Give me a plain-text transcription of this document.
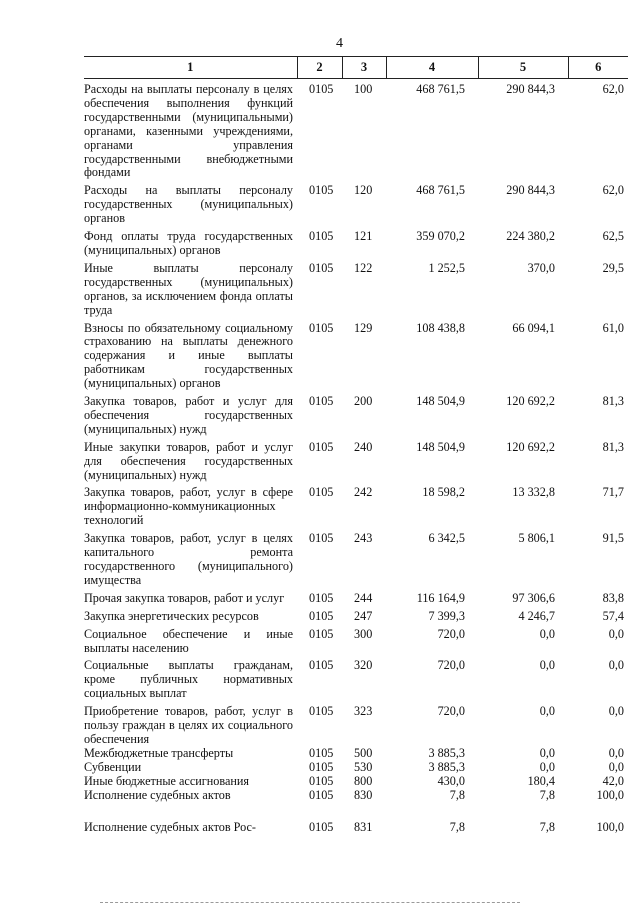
4
1	2	3	4	5	6
Расходы на выплаты персоналу в целях обеспечения выполнения функций государственными (муниципальными) органами, казенными учреждениями, органами управления государственными внебюджетными фондами	0105	100	468 761,5	290 844,3	62,0
Расходы на выплаты персоналу государственных (муниципальных) органов	0105	120	468 761,5	290 844,3	62,0
Фонд оплаты труда государственных (муниципальных) органов	0105	121	359 070,2	224 380,2	62,5
Иные выплаты персоналу государственных (муниципальных) органов, за исключением фонда оплаты труда	0105	122	1 252,5	370,0	29,5
Взносы по обязательному социальному страхованию на выплаты денежного содержания и иные выплаты работникам государственных (муниципальных) органов	0105	129	108 438,8	66 094,1	61,0
Закупка товаров, работ и услуг для обеспечения государственных (муниципальных) нужд	0105	200	148 504,9	120 692,2	81,3
Иные закупки товаров, работ и услуг для обеспечения государственных (муниципальных) нужд	0105	240	148 504,9	120 692,2	81,3
Закупка товаров, работ, услуг в сфере информационно-коммуникационных технологий	0105	242	18 598,2	13 332,8	71,7
Закупка товаров, работ, услуг в целях капитального ремонта государственного (муниципального) имущества	0105	243	6 342,5	5 806,1	91,5
Прочая закупка товаров, работ и услуг	0105	244	116 164,9	97 306,6	83,8
Закупка энергетических ресурсов	0105	247	7 399,3	4 246,7	57,4
Социальное обеспечение и иные выплаты населению	0105	300	720,0	0,0	0,0
Социальные выплаты гражданам, кроме публичных нормативных социальных выплат	0105	320	720,0	0,0	0,0
Приобретение товаров, работ, услуг в пользу граждан в целях их социального обеспечения	0105	323	720,0	0,0	0,0
Межбюджетные трансферты	0105	500	3 885,3	0,0	0,0
Субвенции	0105	530	3 885,3	0,0	0,0
Иные бюджетные ассигнования	0105	800	430,0	180,4	42,0
Исполнение судебных актов	0105	830	7,8	7,8	100,0
Исполнение судебных актов Рос-	0105	831	7,8	7,8	100,0
